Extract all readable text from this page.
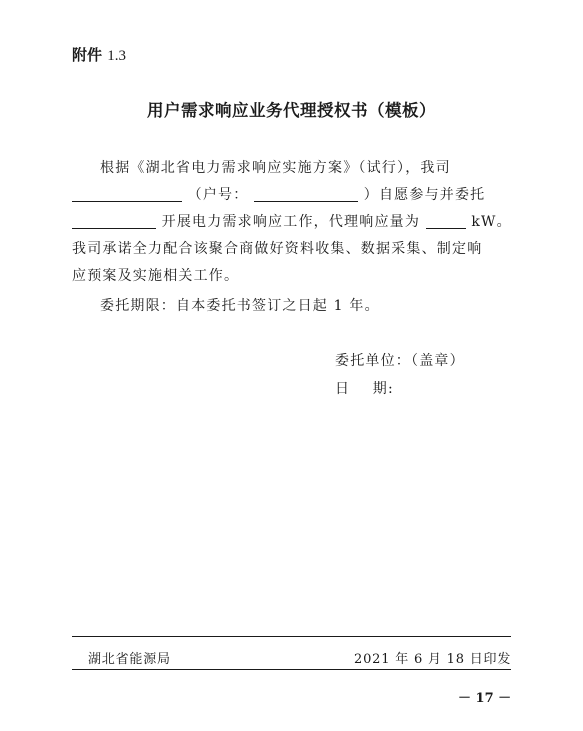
附件 1.3
用户需求响应业务代理授权书（模板）
根据《湖北省电力需求响应实施方案》（试行），我司
（户号：	）自愿参与并委托
开展电力需求响应工作，代理响应量为	kW。
我司承诺全力配合该聚合商做好资料收集、数据采集、制定响
应预案及实施相关工作。
委托期限：自本委托书签订之日起 1 年。
委托单位：（盖章）
日    期:
湖北省能源局	2021 年 6 月 18 日印发
－ 17 －
